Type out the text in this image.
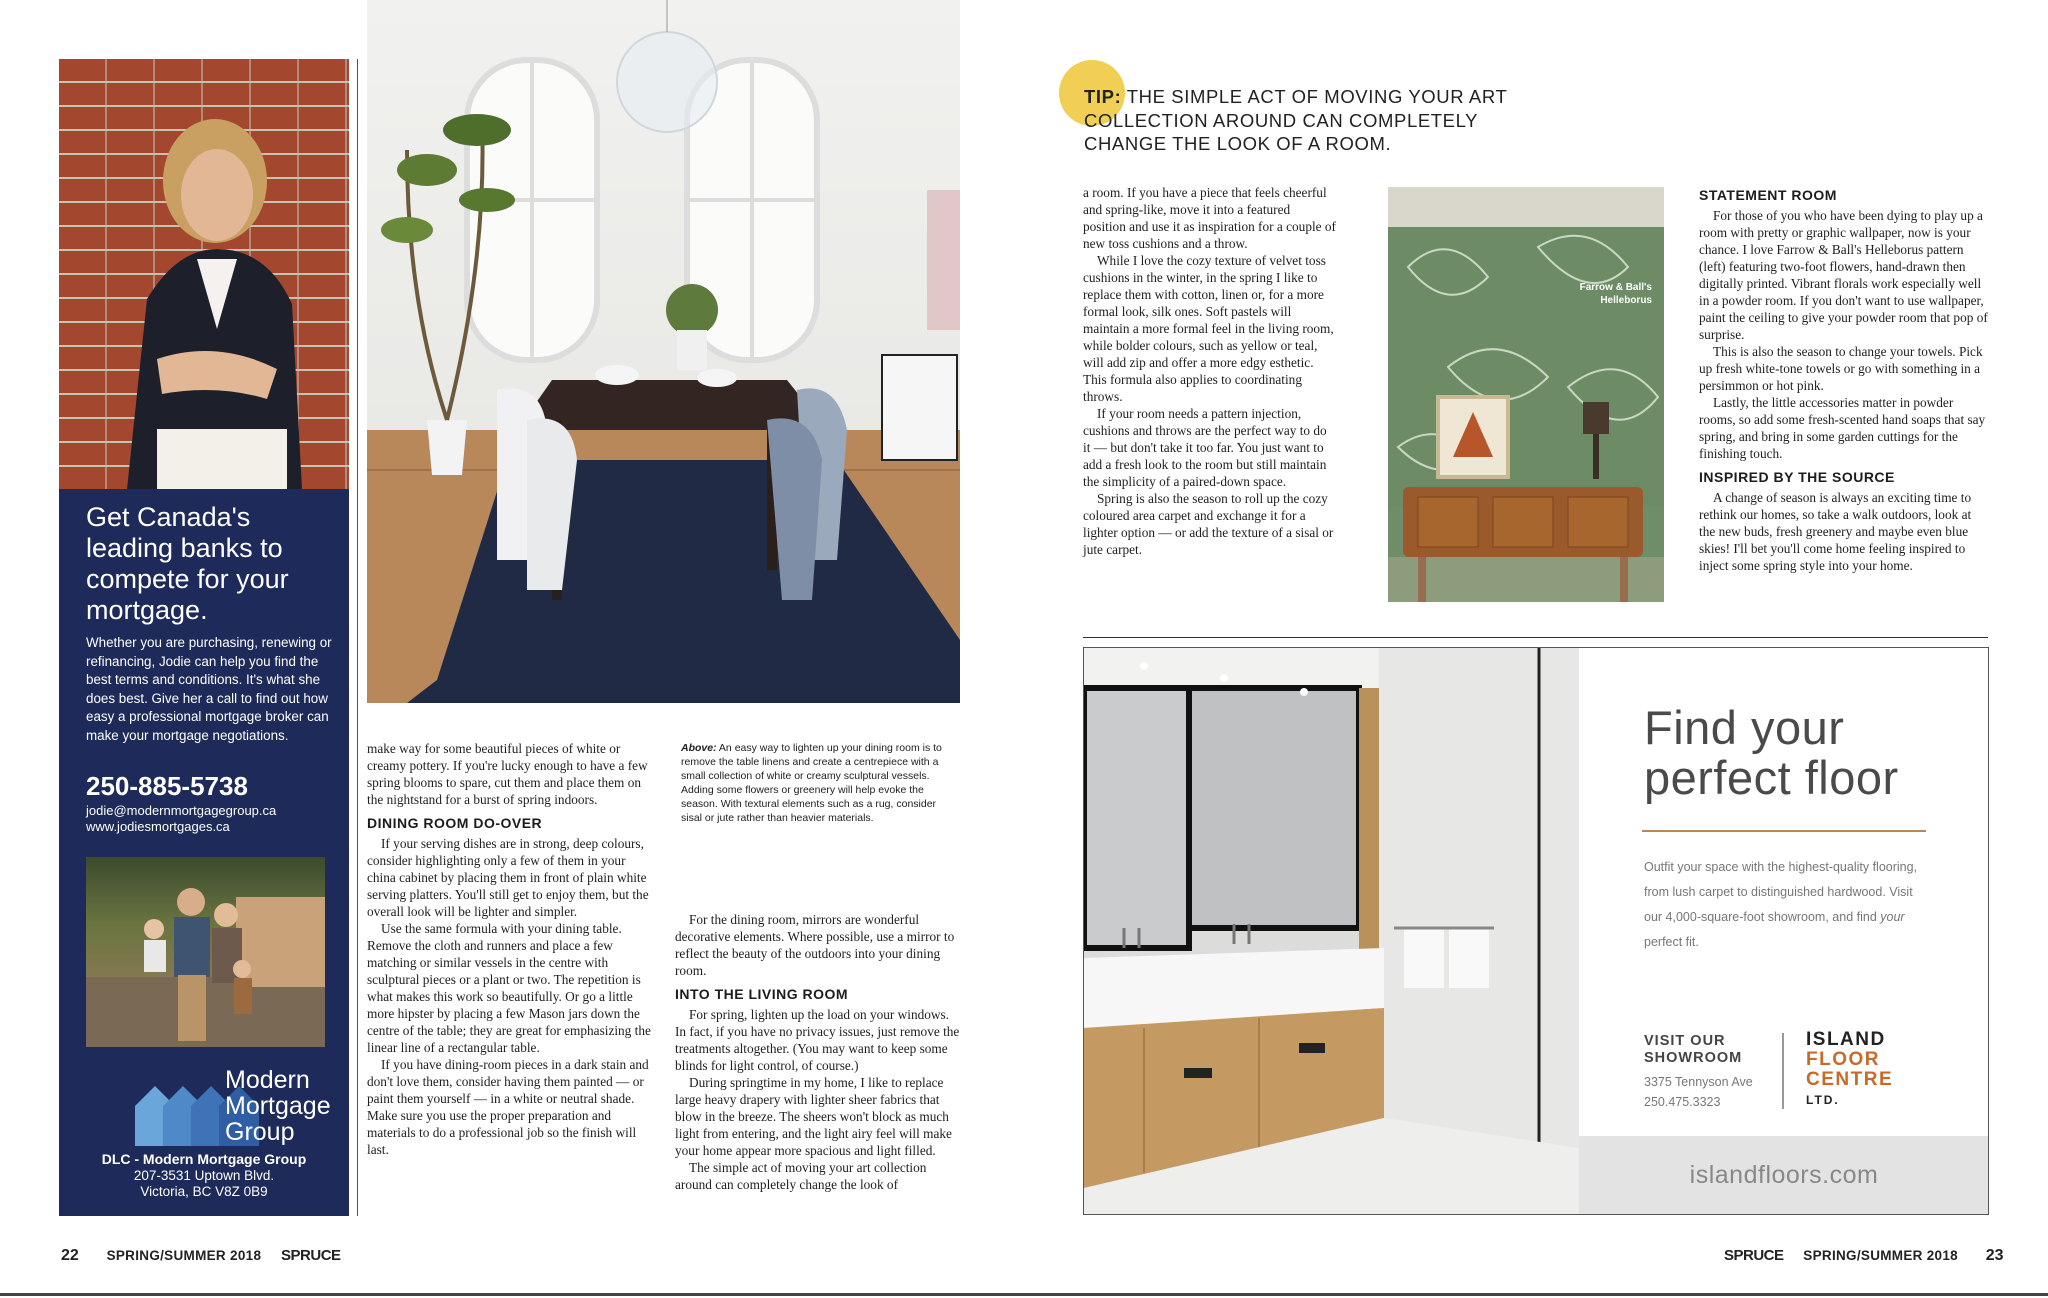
Get Canada's leading banks to compete for your mortgage.
Whether you are purchasing, renewing or refinancing, Jodie can help you find the best terms and conditions. It's what she does best. Give her a call to find out how easy a professional mortgage broker can make your mortgage negotiations.
250-885-5738
jodie@modernmortgagegroup.ca
www.jodiesmortgages.ca
Modern
Mortgage
Group
DLC - Modern Mortgage Group
207-3531 Uptown Blvd.
Victoria, BC V8Z 0B9

make way for some beautiful pieces of white or creamy pottery. If you're lucky enough to have a few spring blooms to spare, cut them and place them on the nightstand for a burst of spring indoors.

DINING ROOM DO-OVER

If your serving dishes are in strong, deep colours, consider highlighting only a few of them in your china cabinet by placing them in front of plain white serving platters. You'll still get to enjoy them, but the overall look will be lighter and simpler.

Use the same formula with your dining table. Remove the cloth and runners and place a few matching or similar vessels in the centre with sculptural pieces or a plant or two. The repetition is what makes this work so beautifully. Or go a little more hipster by placing a few Mason jars down the centre of the table; they are great for emphasizing the linear line of a rectangular table.

If you have dining-room pieces in a dark stain and don't love them, consider having them painted — or paint them yourself — in a white or neutral shade. Make sure you use the proper preparation and materials to do a professional job so the finish will last.

Above: An easy way to lighten up your dining room is to remove the table linens and create a centrepiece with a small collection of white or creamy sculptural vessels. Adding some flowers or greenery will help evoke the season. With textural elements such as a rug, consider sisal or jute rather than heavier materials.

For the dining room, mirrors are wonderful decorative elements. Where possible, use a mirror to reflect the beauty of the outdoors into your dining room.

INTO THE LIVING ROOM

For spring, lighten up the load on your windows. In fact, if you have no privacy issues, just remove the treatments altogether. (You may want to keep some blinds for light control, of course.)

During springtime in my home, I like to replace large heavy drapery with lighter sheer fabrics that blow in the breeze. The sheers won't block as much light from entering, and the light airy feel will make your home appear more spacious and light filled.

The simple act of moving your art collection around can completely change the look of

22 SPRING/SUMMER 2018 SPRUCE
TIP: THE SIMPLE ACT OF MOVING YOUR ART COLLECTION AROUND CAN COMPLETELY CHANGE THE LOOK OF A ROOM.

a room. If you have a piece that feels cheerful and spring-like, move it into a featured position and use it as inspiration for a couple of new toss cushions and a throw.

While I love the cozy texture of velvet toss cushions in the winter, in the spring I like to replace them with cotton, linen or, for a more formal look, silk ones. Soft pastels will maintain a more formal feel in the living room, while bolder colours, such as yellow or teal, will add zip and offer a more edgy esthetic. This formula also applies to coordinating throws.

If your room needs a pattern injection, cushions and throws are the perfect way to do it — but don't take it too far. You just want to add a fresh look to the room but still maintain the simplicity of a paired-down space.

Spring is also the season to roll up the cozy coloured area carpet and exchange it for a lighter option — or add the texture of a sisal or jute carpet.

Farrow & Ball's
Helleborus
STATEMENT ROOM

For those of you who have been dying to play up a room with pretty or graphic wallpaper, now is your chance. I love Farrow & Ball's Helleborus pattern (left) featuring two-foot flowers, hand-drawn then digitally printed. Vibrant florals work especially well in a powder room. If you don't want to use wallpaper, paint the ceiling to give your powder room that pop of surprise.

This is also the season to change your towels. Pick up fresh white-tone towels or go with something in a persimmon or hot pink.

Lastly, the little accessories matter in powder rooms, so add some fresh-scented hand soaps that say spring, and bring in some garden cuttings for the finishing touch.

INSPIRED BY THE SOURCE

A change of season is always an exciting time to rethink our homes, so take a walk outdoors, look at the new buds, fresh greenery and maybe even blue skies! I'll bet you'll come home feeling inspired to inject some spring style into your home.

Find your
perfect floor
Outfit your space with the highest-quality flooring, from lush carpet to distinguished hardwood. Visit our 4,000-square-foot showroom, and find your perfect fit.
VISIT OUR
SHOWROOM
3375 Tennyson Ave
250.475.3323
ISLAND
FLOOR
CENTRE
LTD.
islandfloors.com
SPRUCE SPRING/SUMMER 2018 23
